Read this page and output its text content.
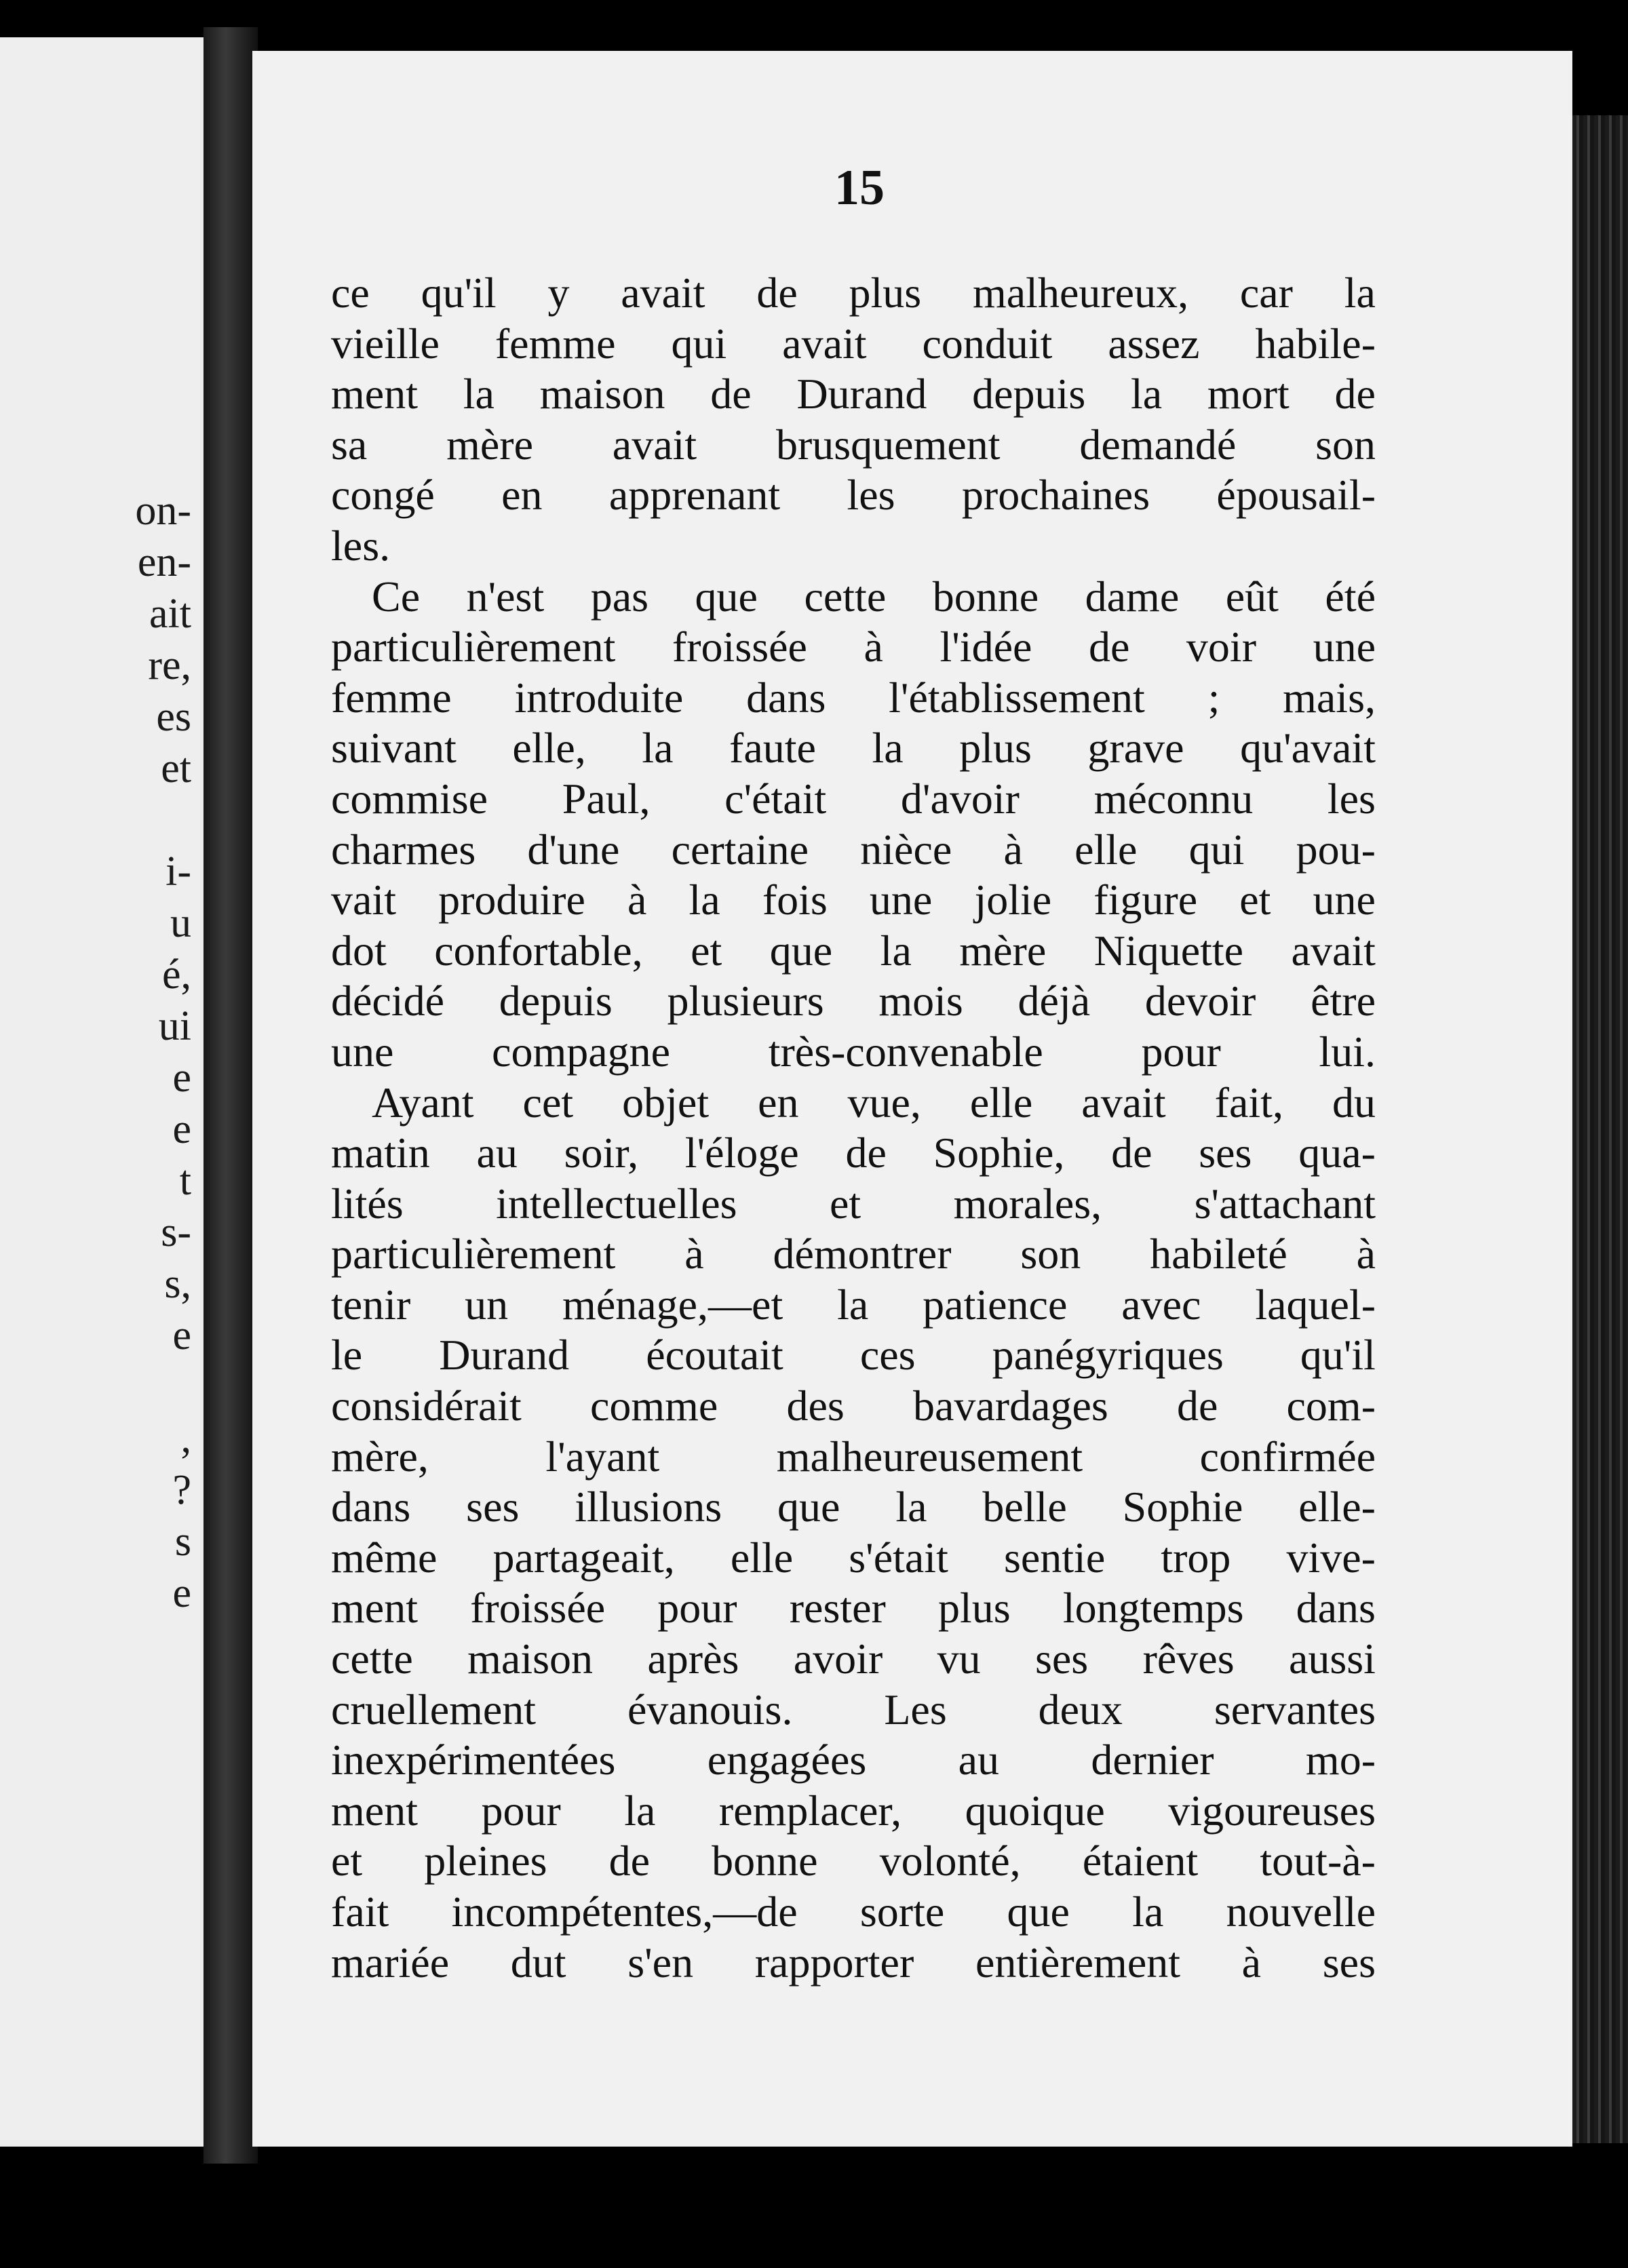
on-
en-
ait
re,
es
et
i-
u
é,
ui
e
e
t
s-
s,
e
,
?
s
e
15
ce qu'il y avait de plus malheureux, car la
vieille femme qui avait conduit assez habile-
ment la maison de Durand depuis la mort de
sa mère avait brusquement demandé son
congé en apprenant les prochaines épousail-
les.
Ce n'est pas que cette bonne dame eût été
particulièrement froissée à l'idée de voir une
femme introduite dans l'établissement ; mais,
suivant elle, la faute la plus grave qu'avait
commise Paul, c'était d'avoir méconnu les
charmes d'une certaine nièce à elle qui pou-
vait produire à la fois une jolie figure et une
dot confortable, et que la mère Niquette avait
décidé depuis plusieurs mois déjà devoir être
une compagne très-convenable pour lui.
Ayant cet objet en vue, elle avait fait, du
matin au soir, l'éloge de Sophie, de ses qua-
lités intellectuelles et morales, s'attachant
particulièrement à démontrer son habileté à
tenir un ménage,—et la patience avec laquel-
le Durand écoutait ces panégyriques qu'il
considérait comme des bavardages de com-
mère,	l'ayant	malheureusement	confirmée
dans ses illusions que la belle Sophie elle-
même partageait, elle s'était sentie trop vive-
ment froissée pour rester plus longtemps dans
cette maison après avoir vu ses rêves aussi
cruellement évanouis. Les deux servantes
inexpérimentées engagées au dernier mo-
ment pour la remplacer, quoique vigoureuses
et pleines de bonne volonté, étaient tout-à-
fait incompétentes,—de sorte que la nouvelle
mariée dut s'en rapporter entièrement à ses
